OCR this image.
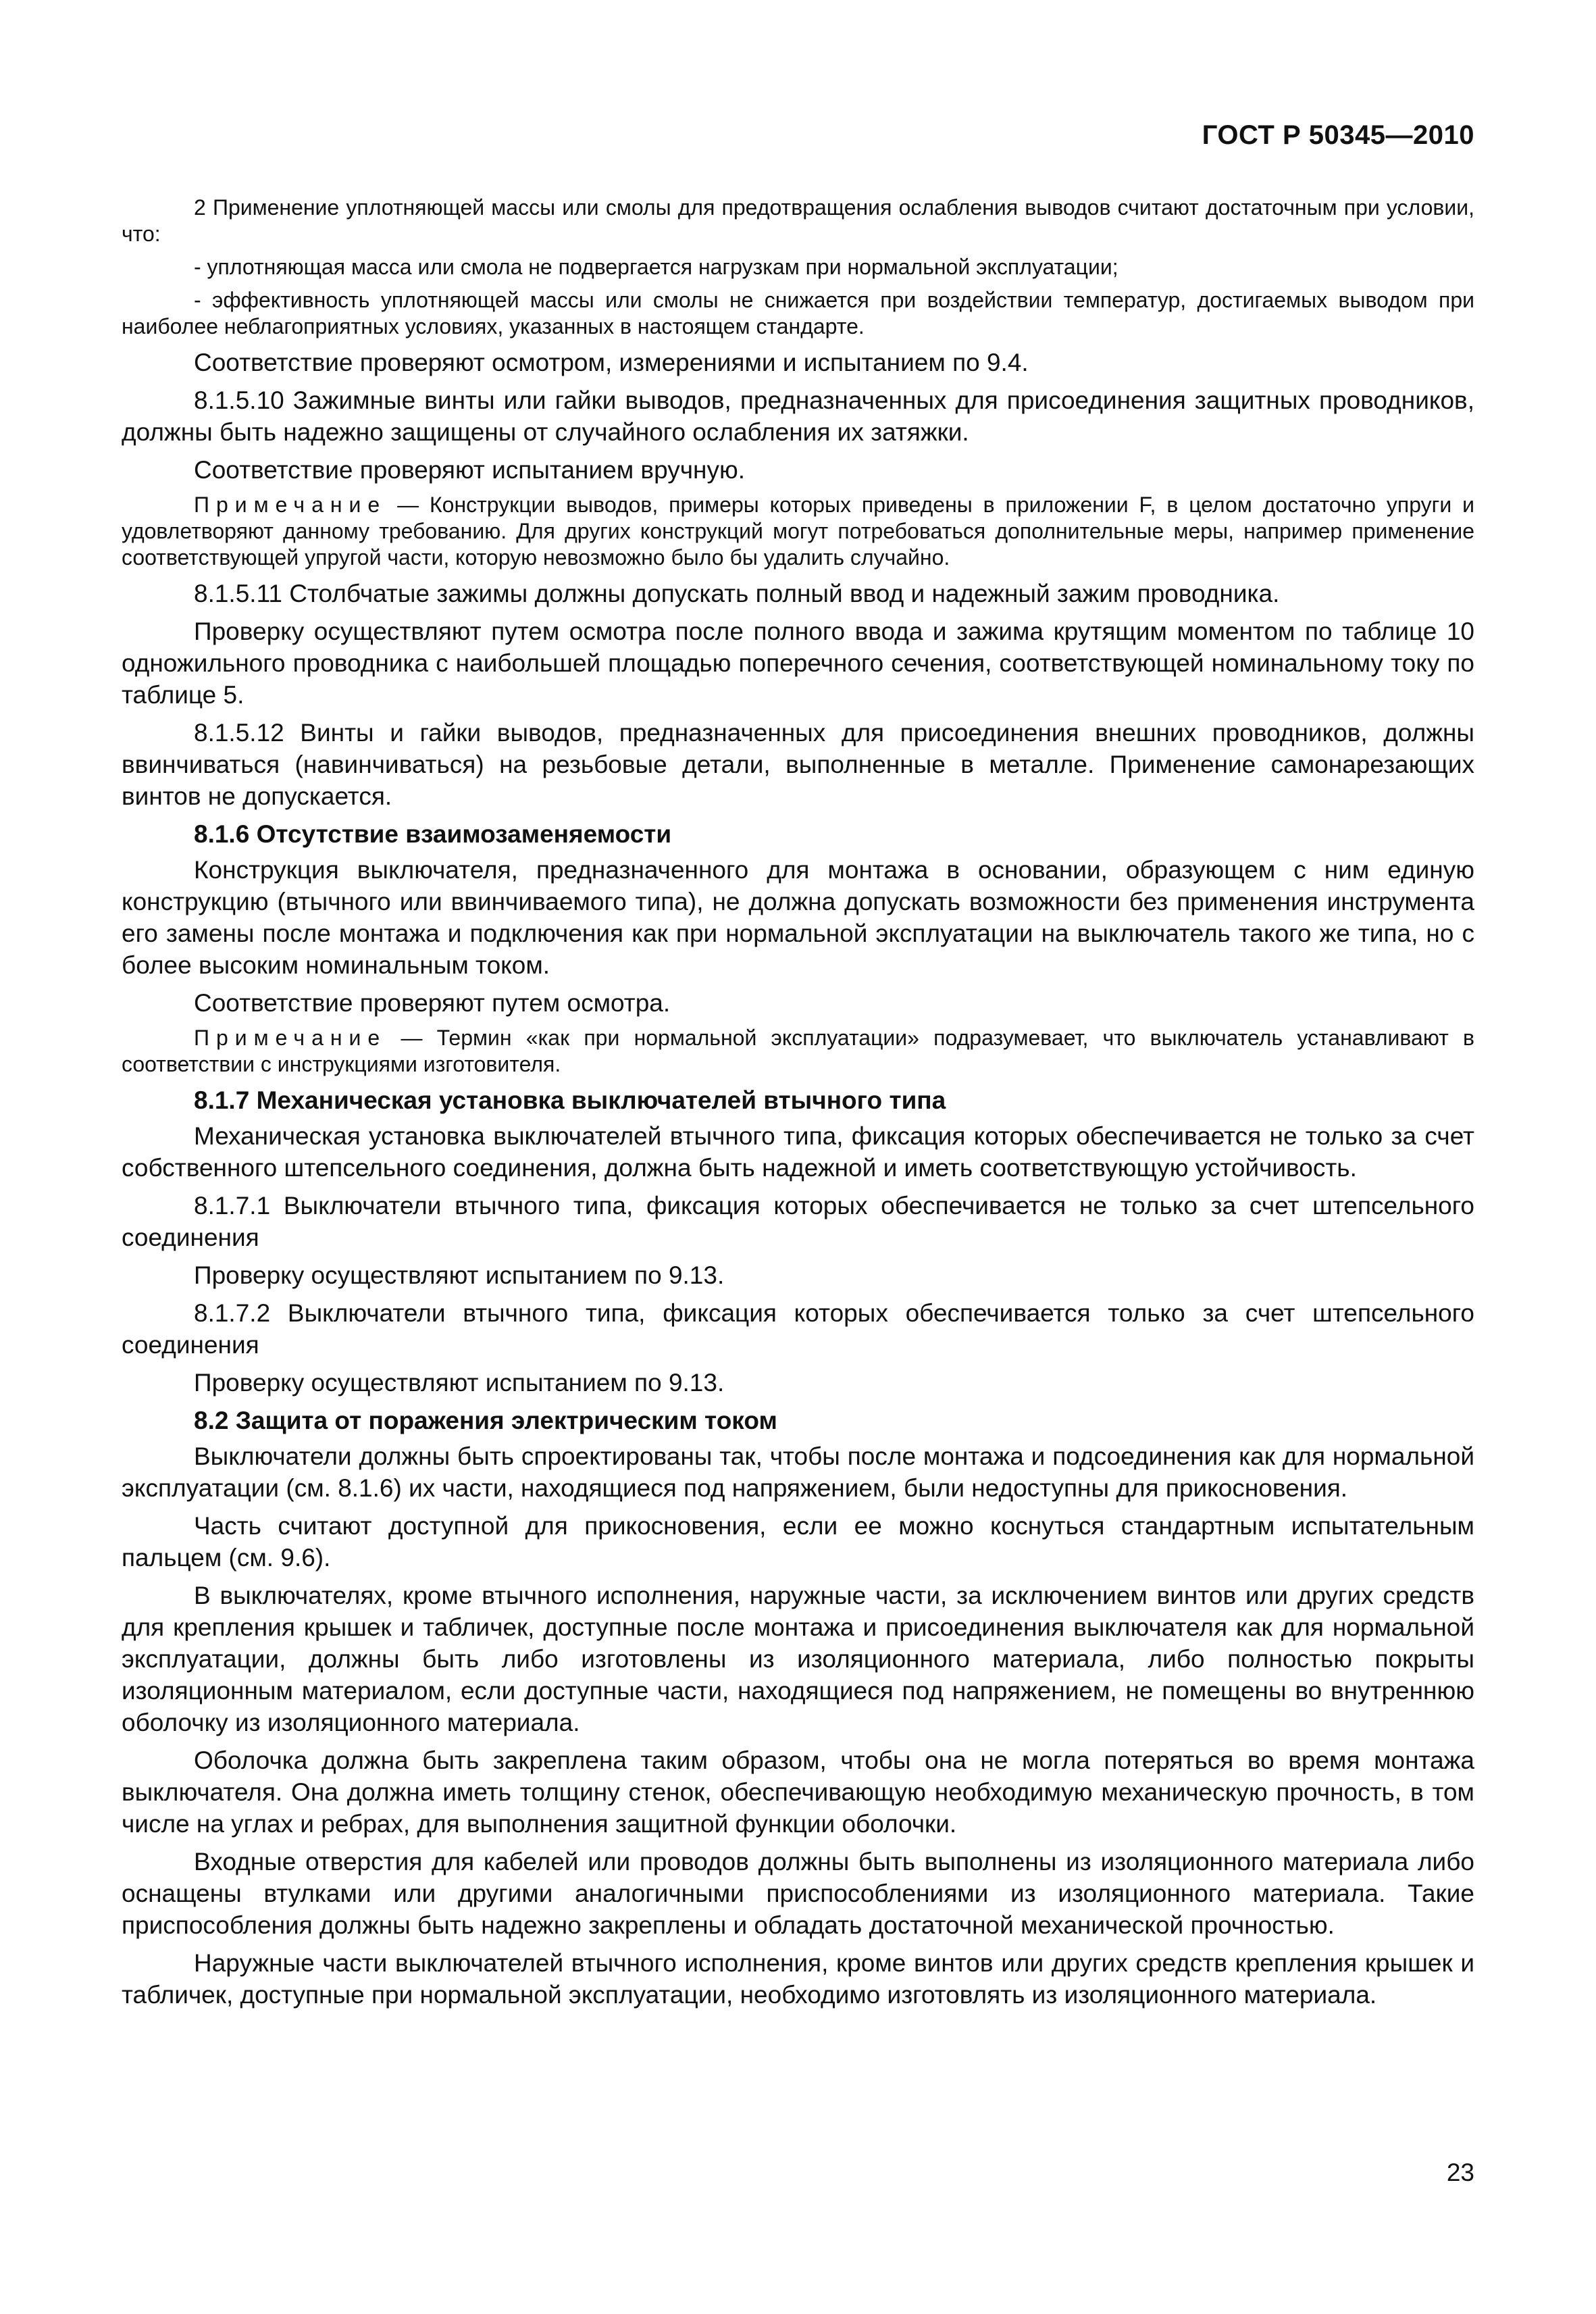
ГОСТ Р 50345—2010

2 Применение уплотняющей массы или смолы для предотвращения ослабления выводов считают достаточным при условии, что:

- уплотняющая масса или смола не подвергается нагрузкам при нормальной эксплуатации;

- эффективность уплотняющей массы или смолы не снижается при воздействии температур, достигаемых выводом при наиболее неблагоприятных условиях, указанных в настоящем стандарте.

Соответствие проверяют осмотром, измерениями и испытанием по 9.4.

8.1.5.10 Зажимные винты или гайки выводов, предназначенных для присоединения защитных проводников, должны быть надежно защищены от случайного ослабления их затяжки.

Соответствие проверяют испытанием вручную.

Примечание — Конструкции выводов, примеры которых приведены в приложении F, в целом достаточно упруги и удовлетворяют данному требованию. Для других конструкций могут потребоваться дополнительные меры, например применение соответствующей упругой части, которую невозможно было бы удалить случайно.

8.1.5.11 Столбчатые зажимы должны допускать полный ввод и надежный зажим проводника.

Проверку осуществляют путем осмотра после полного ввода и зажима крутящим моментом по таблице 10 одножильного проводника с наибольшей площадью поперечного сечения, соответствующей номинальному току по таблице 5.

8.1.5.12 Винты и гайки выводов, предназначенных для присоединения внешних проводников, должны ввинчиваться (навинчиваться) на резьбовые детали, выполненные в металле. Применение самонарезающих винтов не допускается.

8.1.6 Отсутствие взаимозаменяемости

Конструкция выключателя, предназначенного для монтажа в основании, образующем с ним единую конструкцию (втычного или ввинчиваемого типа), не должна допускать возможности без применения инструмента его замены после монтажа и подключения как при нормальной эксплуатации на выключатель такого же типа, но с более высоким номинальным током.

Соответствие проверяют путем осмотра.

Примечание — Термин «как при нормальной эксплуатации» подразумевает, что выключатель устанавливают в соответствии с инструкциями изготовителя.

8.1.7 Механическая установка выключателей втычного типа

Механическая установка выключателей втычного типа, фиксация которых обеспечивается не только за счет собственного штепсельного соединения, должна быть надежной и иметь соответствующую устойчивость.

8.1.7.1 Выключатели втычного типа, фиксация которых обеспечивается не только за счет штепсельного соединения

Проверку осуществляют испытанием по 9.13.

8.1.7.2 Выключатели втычного типа, фиксация которых обеспечивается только за счет штепсельного соединения

Проверку осуществляют испытанием по 9.13.

8.2 Защита от поражения электрическим током

Выключатели должны быть спроектированы так, чтобы после монтажа и подсоединения как для нормальной эксплуатации (см. 8.1.6) их части, находящиеся под напряжением, были недоступны для прикосновения.

Часть считают доступной для прикосновения, если ее можно коснуться стандартным испытательным пальцем (см. 9.6).

В выключателях, кроме втычного исполнения, наружные части, за исключением винтов или других средств для крепления крышек и табличек, доступные после монтажа и присоединения выключателя как для нормальной эксплуатации, должны быть либо изготовлены из изоляционного материала, либо полностью покрыты изоляционным материалом, если доступные части, находящиеся под напряжением, не помещены во внутреннюю оболочку из изоляционного материала.

Оболочка должна быть закреплена таким образом, чтобы она не могла потеряться во время монтажа выключателя. Она должна иметь толщину стенок, обеспечивающую необходимую механическую прочность, в том числе на углах и ребрах, для выполнения защитной функции оболочки.

Входные отверстия для кабелей или проводов должны быть выполнены из изоляционного материала либо оснащены втулками или другими аналогичными приспособлениями из изоляционного материала. Такие приспособления должны быть надежно закреплены и обладать достаточной механической прочностью.

Наружные части выключателей втычного исполнения, кроме винтов или других средств крепления крышек и табличек, доступные при нормальной эксплуатации, необходимо изготовлять из изоляционного материала.

23
